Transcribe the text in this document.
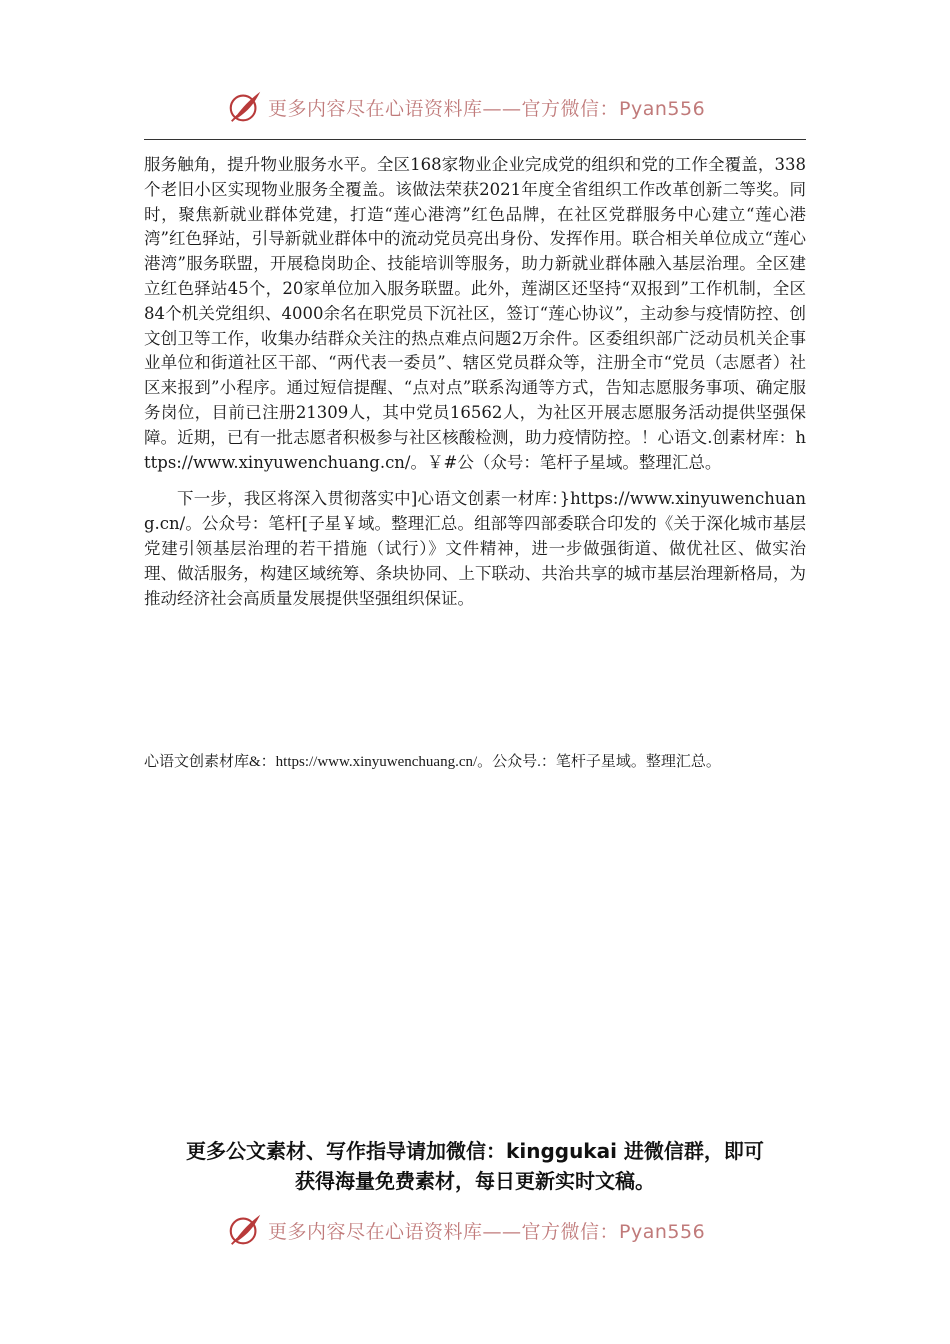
更多内容尽在心语资料库——官方微信：Pyan556

服务触角，提升物业服务水平。全区168家物业企业完成党的组织和党的工作全覆盖，338个老旧小区实现物业服务全覆盖。该做法荣获2021年度全省组织工作改革创新二等奖。同时，聚焦新就业群体党建，打造“莲心港湾”红色品牌，在社区党群服务中心建立“莲心港湾”红色驿站，引导新就业群体中的流动党员亮出身份、发挥作用。联合相关单位成立“莲心港湾”服务联盟，开展稳岗助企、技能培训等服务，助力新就业群体融入基层治理。全区建立红色驿站45个，20家单位加入服务联盟。此外，莲湖区还坚持“双报到”工作机制，全区84个机关党组织、4000余名在职党员下沉社区，签订“莲心协议”，主动参与疫情防控、创文创卫等工作，收集办结群众关注的热点难点问题2万余件。区委组织部广泛动员机关企事业单位和街道社区干部、“两代表一委员”、辖区党员群众等，注册全市“党员（志愿者）社区来报到”小程序。通过短信提醒、“点对点”联系沟通等方式，告知志愿服务事项、确定服务岗位，目前已注册21309人，其中党员16562人，为社区开展志愿服务活动提供坚强保障。近期，已有一批志愿者积极参与社区核酸检测，助力疫情防控。！心语文.创素材库：https://www.xinyuwenchuang.cn/。￥#公（众号：笔杆子星域。整理汇总。

下一步，我区将深入贯彻落实中]心语文创素一材库：}https://www.xinyuwenchuang.cn/。公众号：笔杆[子星￥域。整理汇总。组部等四部委联合印发的《关于深化城市基层党建引领基层治理的若干措施（试行）》文件精神，进一步做强街道、做优社区、做实治理、做活服务，构建区域统筹、条块协同、上下联动、共治共享的城市基层治理新格局，为推动经济社会高质量发展提供坚强组织保证。

心语文创素材库&：https://www.xinyuwenchuang.cn/。公众号.：笔杆子星域。整理汇总。
更多公文素材、写作指导请加微信：kinggukai 进微信群，即可
获得海量免费素材，每日更新实时文稿。
更多内容尽在心语资料库——官方微信：Pyan556
